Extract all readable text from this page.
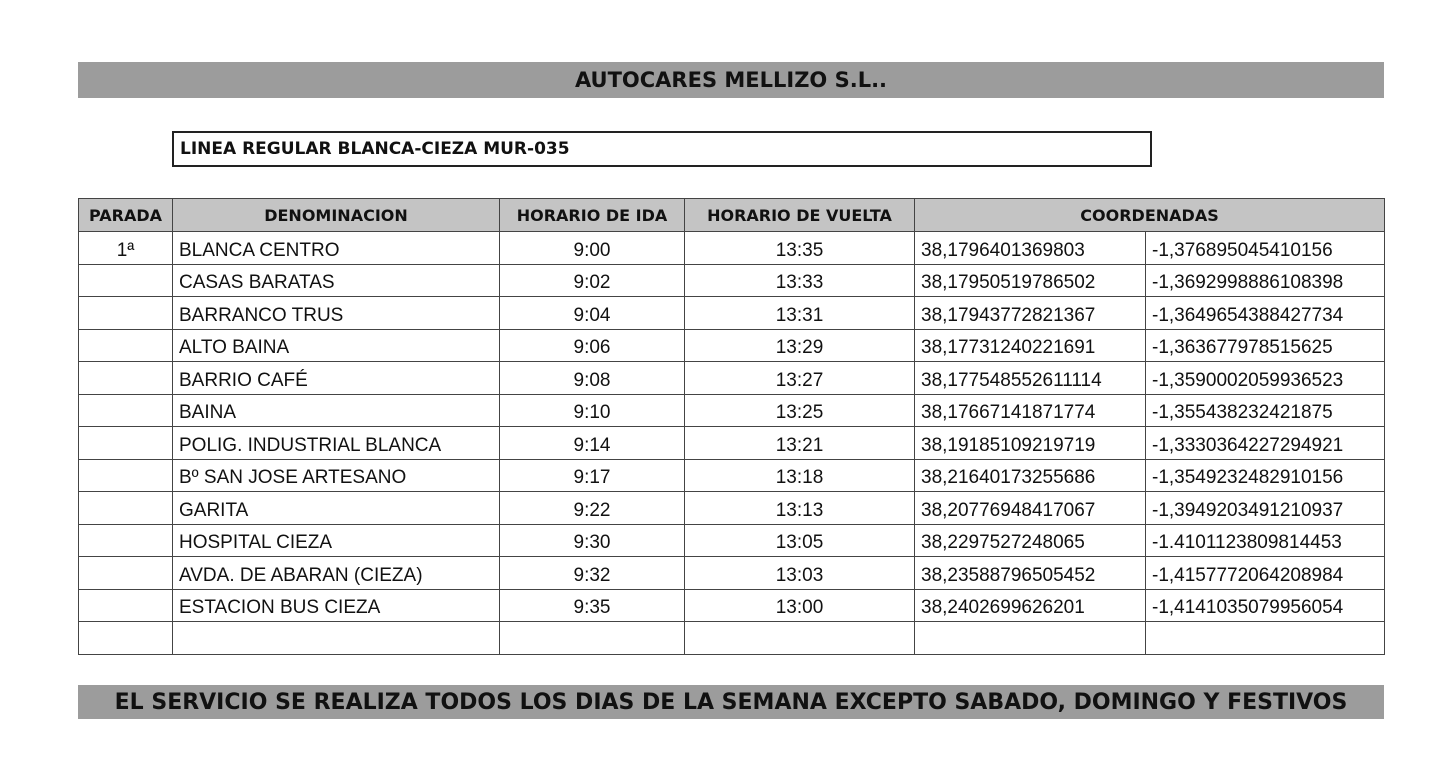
AUTOCARES MELLIZO S.L..
LINEA REGULAR BLANCA-CIEZA MUR-035
PARADA	DENOMINACION	HORARIO DE IDA	HORARIO DE VUELTA	COORDENADAS	
1ª	BLANCA CENTRO	9:00	13:35	38,1796401369803	-1,376895045410156
	CASAS BARATAS	9:02	13:33	38,17950519786502	-1,3692998886108398
	BARRANCO TRUS	9:04	13:31	38,17943772821367	-1,3649654388427734
	ALTO BAINA	9:06	13:29	38,17731240221691	-1,363677978515625
	BARRIO CAFÉ	9:08	13:27	38,177548552611114	-1,3590002059936523
	BAINA	9:10	13:25	38,17667141871774	-1,355438232421875
	POLIG. INDUSTRIAL BLANCA	9:14	13:21	38,19185109219719	-1,3330364227294921
	Bº SAN JOSE ARTESANO	9:17	13:18	38,21640173255686	-1,3549232482910156
	GARITA	9:22	13:13	38,20776948417067	-1,3949203491210937
	HOSPITAL CIEZA	9:30	13:05	38,2297527248065	-1.4101123809814453
	AVDA. DE ABARAN (CIEZA)	9:32	13:03	38,23588796505452	-1,4157772064208984
	ESTACION BUS CIEZA	9:35	13:00	38,2402699626201	-1,4141035079956054

EL SERVICIO SE REALIZA TODOS LOS DIAS DE LA SEMANA EXCEPTO SABADO, DOMINGO Y FESTIVOS
